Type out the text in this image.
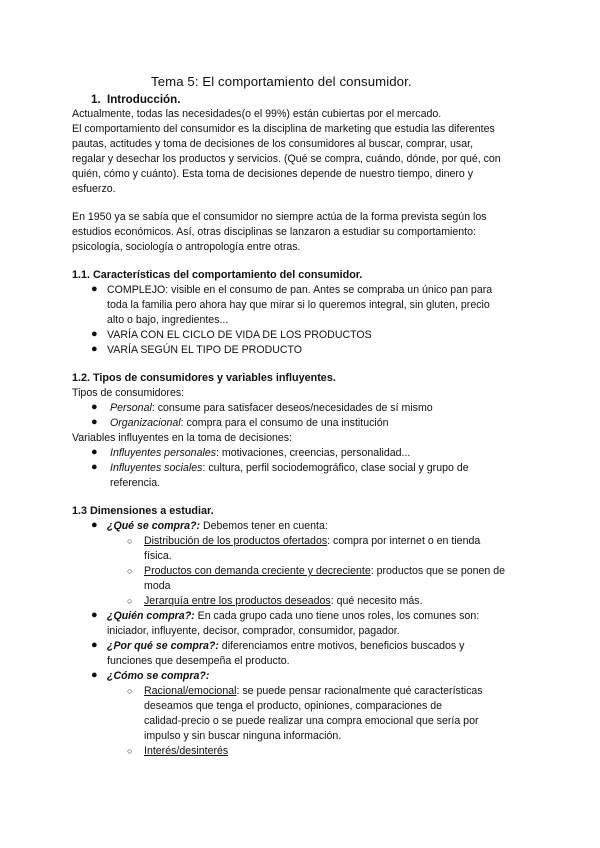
Tema 5: El comportamiento del consumidor.
1. Introducción.
Actualmente, todas las necesidades(o el 99%) están cubiertas por el mercado.
El comportamiento del consumidor es la disciplina de marketing que estudia las diferentes
pautas, actitudes y toma de decisiones de los consumidores al buscar, comprar, usar,
regalar y desechar los productos y servicios. (Qué se compra, cuándo, dónde, por qué, con
quién, cómo y cuánto). Esta toma de decisiones depende de nuestro tiempo, dinero y
esfuerzo.
En 1950 ya se sabía que el consumidor no siempre actúa de la forma prevista según los
estudios económicos. Así, otras disciplinas se lanzaron a estudiar su comportamiento:
psicología, sociología o antropología entre otras.
1.1. Características del comportamiento del consumidor.
● COMPLEJO: visible en el consumo de pan. Antes se compraba un único pan para
toda la familia pero ahora hay que mirar si lo queremos integral, sin gluten, precio
alto o bajo, ingredientes...
● VARÍA CON EL CICLO DE VIDA DE LOS PRODUCTOS
● VARÍA SEGÚN EL TIPO DE PRODUCTO
1.2. Tipos de consumidores y variables influyentes.
Tipos de consumidores:
● Personal: consume para satisfacer deseos/necesidades de sí mismo
● Organizacional: compra para el consumo de una institución
Variables influyentes en la toma de decisiones:
● Influyentes personales: motivaciones, creencias, personalidad...
● Influyentes sociales: cultura, perfil sociodemográfico, clase social y grupo de
referencia.
1.3 Dimensiones a estudiar.
● ¿Qué se compra?: Debemos tener en cuenta:
○ Distribución de los productos ofertados: compra por internet o en tienda
física.
○ Productos con demanda creciente y decreciente: productos que se ponen de
moda
○ Jerarquía entre los productos deseados: qué necesito más.
● ¿Quién compra?: En cada grupo cada uno tiene unos roles, los comunes son:
iniciador, influyente, decisor, comprador, consumidor, pagador.
● ¿Por qué se compra?: diferenciamos entre motivos, beneficios buscados y
funciones que desempeña el producto.
● ¿Cómo se compra?:
○ Racional/emocional: se puede pensar racionalmente qué características
deseamos que tenga el producto, opiniones, comparaciones de
calidad-precio o se puede realizar una compra emocional que sería por
impulso y sin buscar ninguna información.
○ Interés/desinterés
